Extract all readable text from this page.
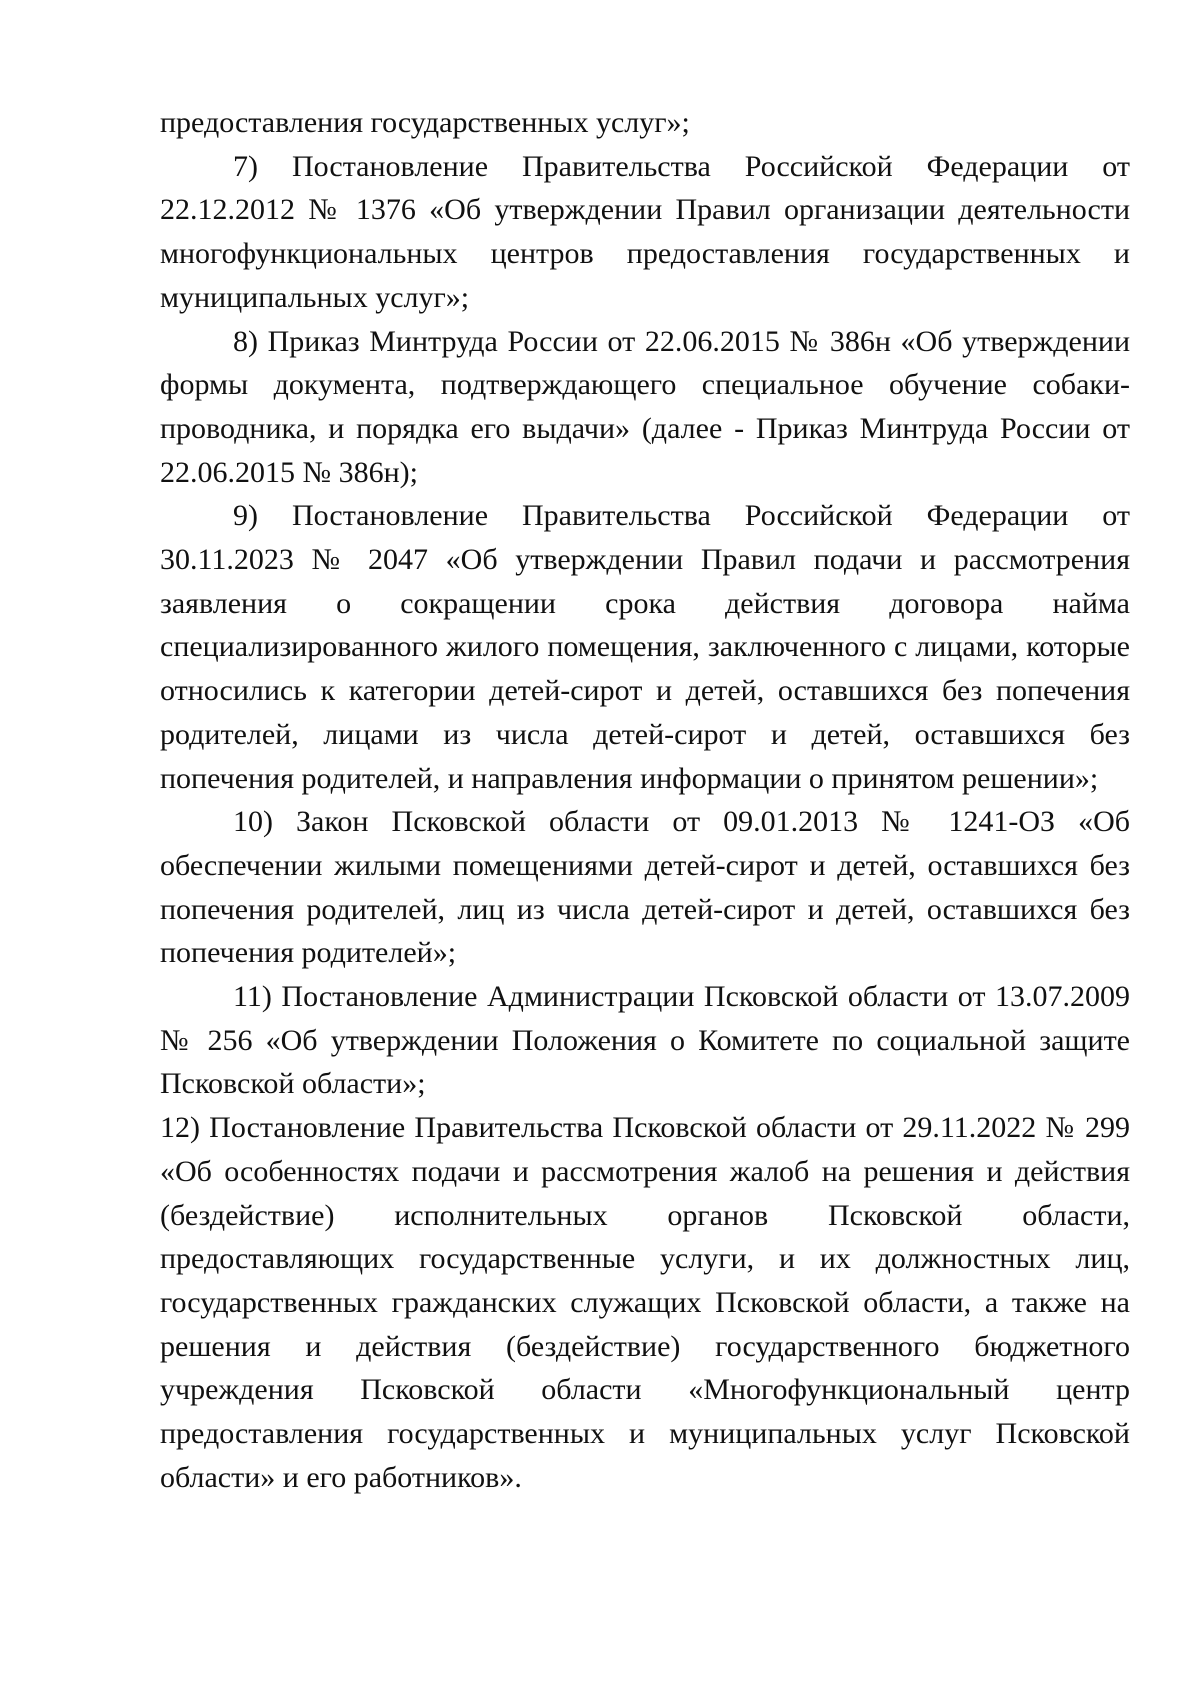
предоставления государственных услуг»;

7) Постановление Правительства Российской Федерации от 22.12.2012 № 1376 «Об утверждении Правил организации деятельности многофункциональных центров предоставления государственных и муниципальных услуг»;

8) Приказ Минтруда России от 22.06.2015 № 386н «Об утверждении формы документа, подтверждающего специальное обучение собаки-проводника, и порядка его выдачи» (далее - Приказ Минтруда России от 22.06.2015 № 386н);

9) Постановление Правительства Российской Федерации от 30.11.2023 № 2047 «Об утверждении Правил подачи и рассмотрения заявления о сокращении срока действия договора найма специализированного жилого помещения, заключенного с лицами, которые относились к категории детей-сирот и детей, оставшихся без попечения родителей, лицами из числа детей-сирот и детей, оставшихся без попечения родителей, и направления информации о принятом решении»;

10) Закон Псковской области от 09.01.2013 № 1241-ОЗ «Об обеспечении жилыми помещениями детей-сирот и детей, оставшихся без попечения родителей, лиц из числа детей-сирот и детей, оставшихся без попечения родителей»;

11) Постановление Администрации Псковской области от 13.07.2009 № 256 «Об утверждении Положения о Комитете по социальной защите Псковской области»;

12) Постановление Правительства Псковской области от 29.11.2022 № 299 «Об особенностях подачи и рассмотрения жалоб на решения и действия (бездействие) исполнительных органов Псковской области, предоставляющих государственные услуги, и их должностных лиц, государственных гражданских служащих Псковской области, а также на решения и действия (бездействие) государственного бюджетного учреждения Псковской области «Многофункциональный центр предоставления государственных и муниципальных услуг Псковской области» и его работников».
